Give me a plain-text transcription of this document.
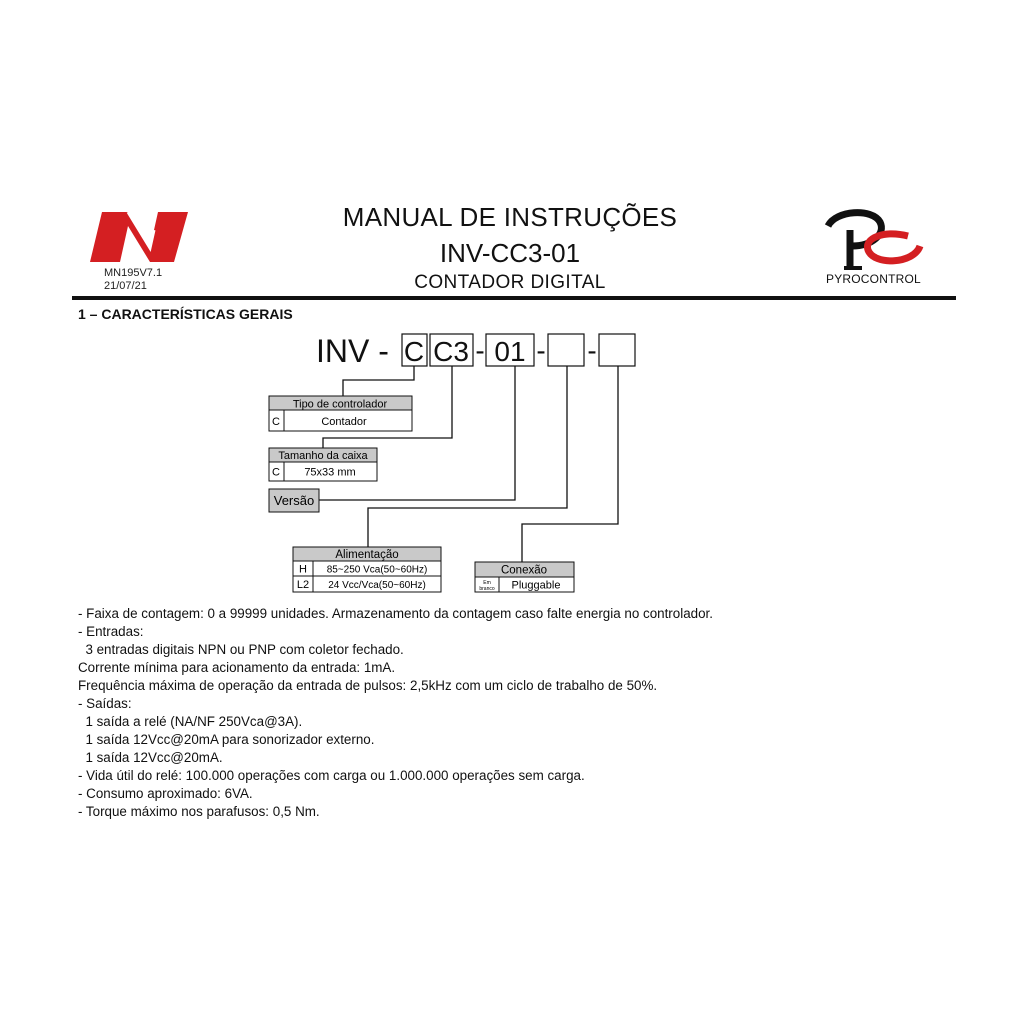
MN195V7.1
21/07/21
MANUAL DE INSTRUÇÕES
INV-CC3-01
CONTADOR DIGITAL	PYROCONTROL
1 – CARACTERÍSTICAS GERAIS
INV - C C3 - 01 - -
Tipo de controlador
C	Contador
Tamanho da caixa
C 75x33 mm
Versão
Alimentação
H 85~250 Vca(50~60Hz)
L2 24 Vcc/Vca(50~60Hz)
Conexão
Em
branco Pluggable
- Faixa de contagem: 0 a 99999 unidades. Armazenamento da contagem caso falte energia no controlador.
- Entradas:
3 entradas digitais NPN ou PNP com coletor fechado.
Corrente mínima para acionamento da entrada: 1mA.
Frequência máxima de operação da entrada de pulsos: 2,5kHz com um ciclo de trabalho de 50%.
- Saídas:
1 saída a relé (NA/NF 250Vca@3A).
1 saída 12Vcc@20mA para sonorizador externo.
1 saída 12Vcc@20mA.
- Vida útil do relé: 100.000 operações com carga ou 1.000.000 operações sem carga.
- Consumo aproximado: 6VA.
- Torque máximo nos parafusos: 0,5 Nm.
